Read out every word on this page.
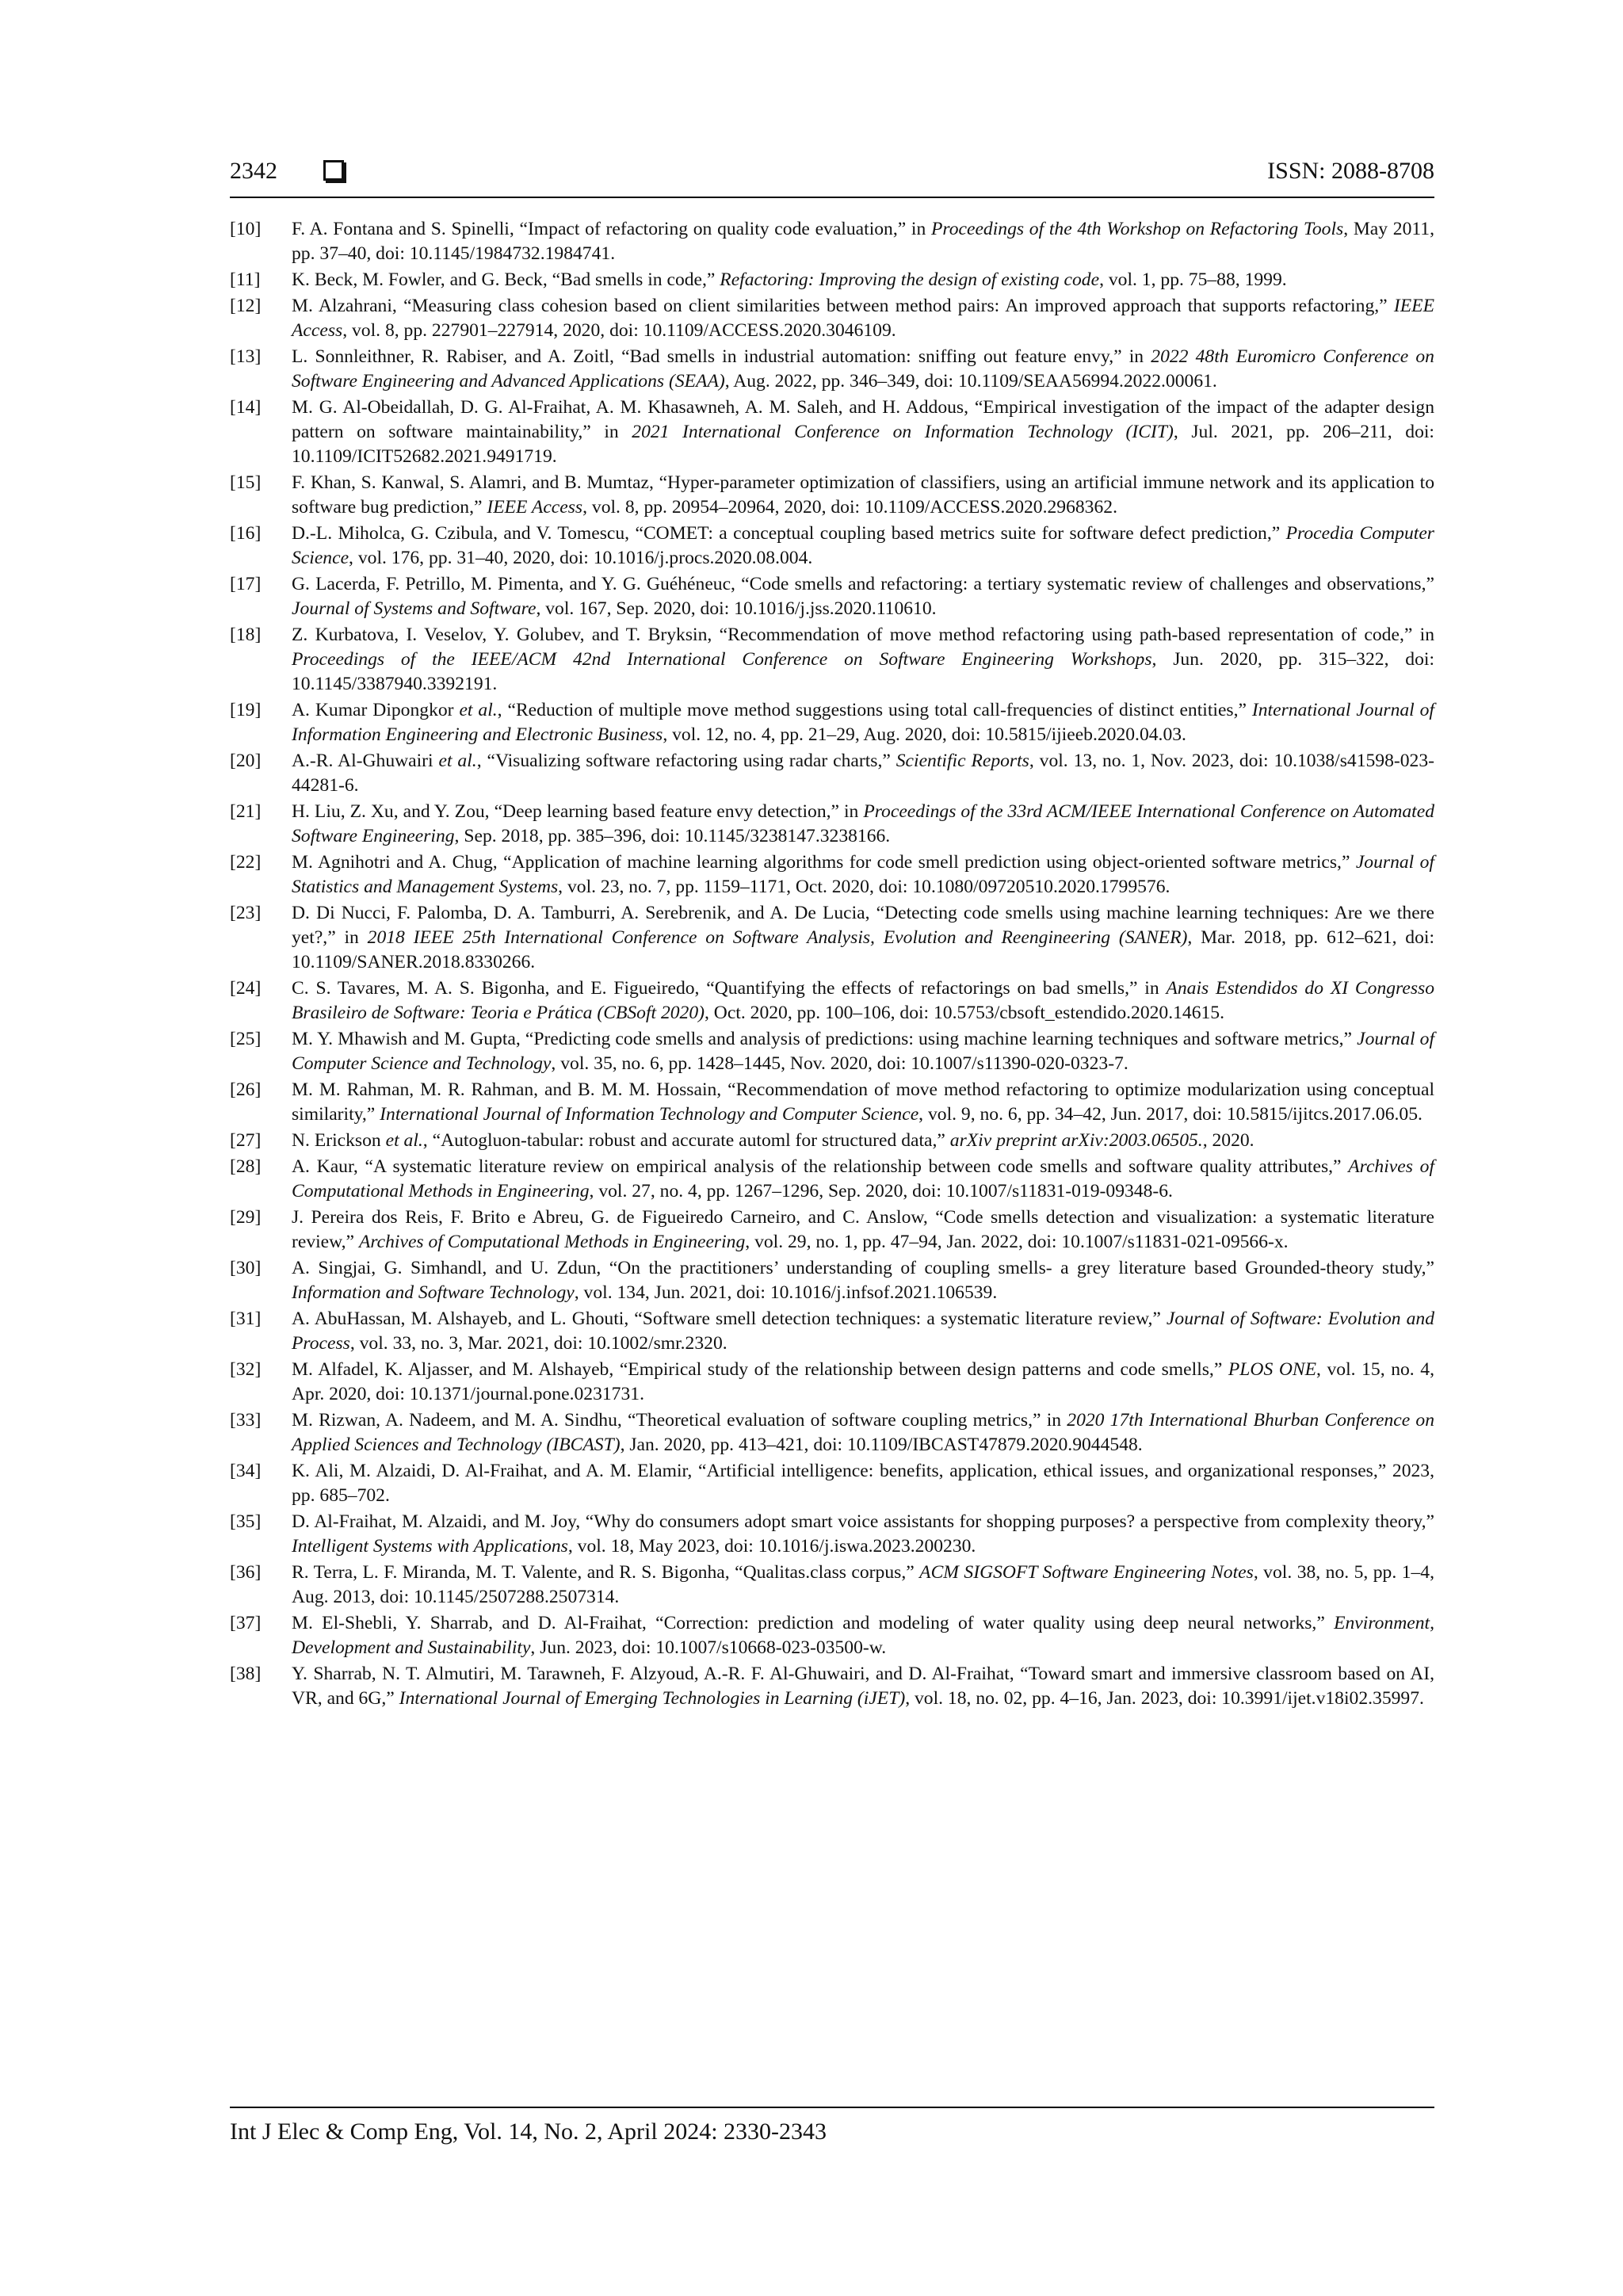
2342	ISSN: 2088-8708
[10] F. A. Fontana and S. Spinelli, “Impact of refactoring on quality code evaluation,” in Proceedings of the 4th Workshop on Refactoring Tools, May 2011, pp. 37–40, doi: 10.1145/1984732.1984741.
[11] K. Beck, M. Fowler, and G. Beck, “Bad smells in code,” Refactoring: Improving the design of existing code, vol. 1, pp. 75–88, 1999.
[12] M. Alzahrani, “Measuring class cohesion based on client similarities between method pairs: An improved approach that supports refactoring,” IEEE Access, vol. 8, pp. 227901–227914, 2020, doi: 10.1109/ACCESS.2020.3046109.
[13] L. Sonnleithner, R. Rabiser, and A. Zoitl, “Bad smells in industrial automation: sniffing out feature envy,” in 2022 48th Euromicro Conference on Software Engineering and Advanced Applications (SEAA), Aug. 2022, pp. 346–349, doi: 10.1109/SEAA56994.2022.00061.
[14] M. G. Al-Obeidallah, D. G. Al-Fraihat, A. M. Khasawneh, A. M. Saleh, and H. Addous, “Empirical investigation of the impact of the adapter design pattern on software maintainability,” in 2021 International Conference on Information Technology (ICIT), Jul. 2021, pp. 206–211, doi: 10.1109/ICIT52682.2021.9491719.
[15] F. Khan, S. Kanwal, S. Alamri, and B. Mumtaz, “Hyper-parameter optimization of classifiers, using an artificial immune network and its application to software bug prediction,” IEEE Access, vol. 8, pp. 20954–20964, 2020, doi: 10.1109/ACCESS.2020.2968362.
[16] D.-L. Miholca, G. Czibula, and V. Tomescu, “COMET: a conceptual coupling based metrics suite for software defect prediction,” Procedia Computer Science, vol. 176, pp. 31–40, 2020, doi: 10.1016/j.procs.2020.08.004.
[17] G. Lacerda, F. Petrillo, M. Pimenta, and Y. G. Guéhéneuc, “Code smells and refactoring: a tertiary systematic review of challenges and observations,” Journal of Systems and Software, vol. 167, Sep. 2020, doi: 10.1016/j.jss.2020.110610.
[18] Z. Kurbatova, I. Veselov, Y. Golubev, and T. Bryksin, “Recommendation of move method refactoring using path-based representation of code,” in Proceedings of the IEEE/ACM 42nd International Conference on Software Engineering Workshops, Jun. 2020, pp. 315–322, doi: 10.1145/3387940.3392191.
[19] A. Kumar Dipongkor et al., “Reduction of multiple move method suggestions using total call-frequencies of distinct entities,” International Journal of Information Engineering and Electronic Business, vol. 12, no. 4, pp. 21–29, Aug. 2020, doi: 10.5815/ijieeb.2020.04.03.
[20] A.-R. Al-Ghuwairi et al., “Visualizing software refactoring using radar charts,” Scientific Reports, vol. 13, no. 1, Nov. 2023, doi: 10.1038/s41598-023-44281-6.
[21] H. Liu, Z. Xu, and Y. Zou, “Deep learning based feature envy detection,” in Proceedings of the 33rd ACM/IEEE International Conference on Automated Software Engineering, Sep. 2018, pp. 385–396, doi: 10.1145/3238147.3238166.
[22] M. Agnihotri and A. Chug, “Application of machine learning algorithms for code smell prediction using object-oriented software metrics,” Journal of Statistics and Management Systems, vol. 23, no. 7, pp. 1159–1171, Oct. 2020, doi: 10.1080/09720510.2020.1799576.
[23] D. Di Nucci, F. Palomba, D. A. Tamburri, A. Serebrenik, and A. De Lucia, “Detecting code smells using machine learning techniques: Are we there yet?,” in 2018 IEEE 25th International Conference on Software Analysis, Evolution and Reengineering (SANER), Mar. 2018, pp. 612–621, doi: 10.1109/SANER.2018.8330266.
[24] C. S. Tavares, M. A. S. Bigonha, and E. Figueiredo, “Quantifying the effects of refactorings on bad smells,” in Anais Estendidos do XI Congresso Brasileiro de Software: Teoria e Prática (CBSoft 2020), Oct. 2020, pp. 100–106, doi: 10.5753/cbsoft_estendido.2020.14615.
[25] M. Y. Mhawish and M. Gupta, “Predicting code smells and analysis of predictions: using machine learning techniques and software metrics,” Journal of Computer Science and Technology, vol. 35, no. 6, pp. 1428–1445, Nov. 2020, doi: 10.1007/s11390-020-0323-7.
[26] M. M. Rahman, M. R. Rahman, and B. M. M. Hossain, “Recommendation of move method refactoring to optimize modularization using conceptual similarity,” International Journal of Information Technology and Computer Science, vol. 9, no. 6, pp. 34–42, Jun. 2017, doi: 10.5815/ijitcs.2017.06.05.
[27] N. Erickson et al., “Autogluon-tabular: robust and accurate automl for structured data,” arXiv preprint arXiv:2003.06505., 2020.
[28] A. Kaur, “A systematic literature review on empirical analysis of the relationship between code smells and software quality attributes,” Archives of Computational Methods in Engineering, vol. 27, no. 4, pp. 1267–1296, Sep. 2020, doi: 10.1007/s11831-019-09348-6.
[29] J. Pereira dos Reis, F. Brito e Abreu, G. de Figueiredo Carneiro, and C. Anslow, “Code smells detection and visualization: a systematic literature review,” Archives of Computational Methods in Engineering, vol. 29, no. 1, pp. 47–94, Jan. 2022, doi: 10.1007/s11831-021-09566-x.
[30] A. Singjai, G. Simhandl, and U. Zdun, “On the practitioners’ understanding of coupling smells- a grey literature based Grounded-theory study,” Information and Software Technology, vol. 134, Jun. 2021, doi: 10.1016/j.infsof.2021.106539.
[31] A. AbuHassan, M. Alshayeb, and L. Ghouti, “Software smell detection techniques: a systematic literature review,” Journal of Software: Evolution and Process, vol. 33, no. 3, Mar. 2021, doi: 10.1002/smr.2320.
[32] M. Alfadel, K. Aljasser, and M. Alshayeb, “Empirical study of the relationship between design patterns and code smells,” PLOS ONE, vol. 15, no. 4, Apr. 2020, doi: 10.1371/journal.pone.0231731.
[33] M. Rizwan, A. Nadeem, and M. A. Sindhu, “Theoretical evaluation of software coupling metrics,” in 2020 17th International Bhurban Conference on Applied Sciences and Technology (IBCAST), Jan. 2020, pp. 413–421, doi: 10.1109/IBCAST47879.2020.9044548.
[34] K. Ali, M. Alzaidi, D. Al-Fraihat, and A. M. Elamir, “Artificial intelligence: benefits, application, ethical issues, and organizational responses,” 2023, pp. 685–702.
[35] D. Al-Fraihat, M. Alzaidi, and M. Joy, “Why do consumers adopt smart voice assistants for shopping purposes? a perspective from complexity theory,” Intelligent Systems with Applications, vol. 18, May 2023, doi: 10.1016/j.iswa.2023.200230.
[36] R. Terra, L. F. Miranda, M. T. Valente, and R. S. Bigonha, “Qualitas.class corpus,” ACM SIGSOFT Software Engineering Notes, vol. 38, no. 5, pp. 1–4, Aug. 2013, doi: 10.1145/2507288.2507314.
[37] M. El-Shebli, Y. Sharrab, and D. Al-Fraihat, “Correction: prediction and modeling of water quality using deep neural networks,” Environment, Development and Sustainability, Jun. 2023, doi: 10.1007/s10668-023-03500-w.
[38] Y. Sharrab, N. T. Almutiri, M. Tarawneh, F. Alzyoud, A.-R. F. Al-Ghuwairi, and D. Al-Fraihat, “Toward smart and immersive classroom based on AI, VR, and 6G,” International Journal of Emerging Technologies in Learning (iJET), vol. 18, no. 02, pp. 4–16, Jan. 2023, doi: 10.3991/ijet.v18i02.35997.
Int J Elec & Comp Eng, Vol. 14, No. 2, April 2024: 2330-2343
